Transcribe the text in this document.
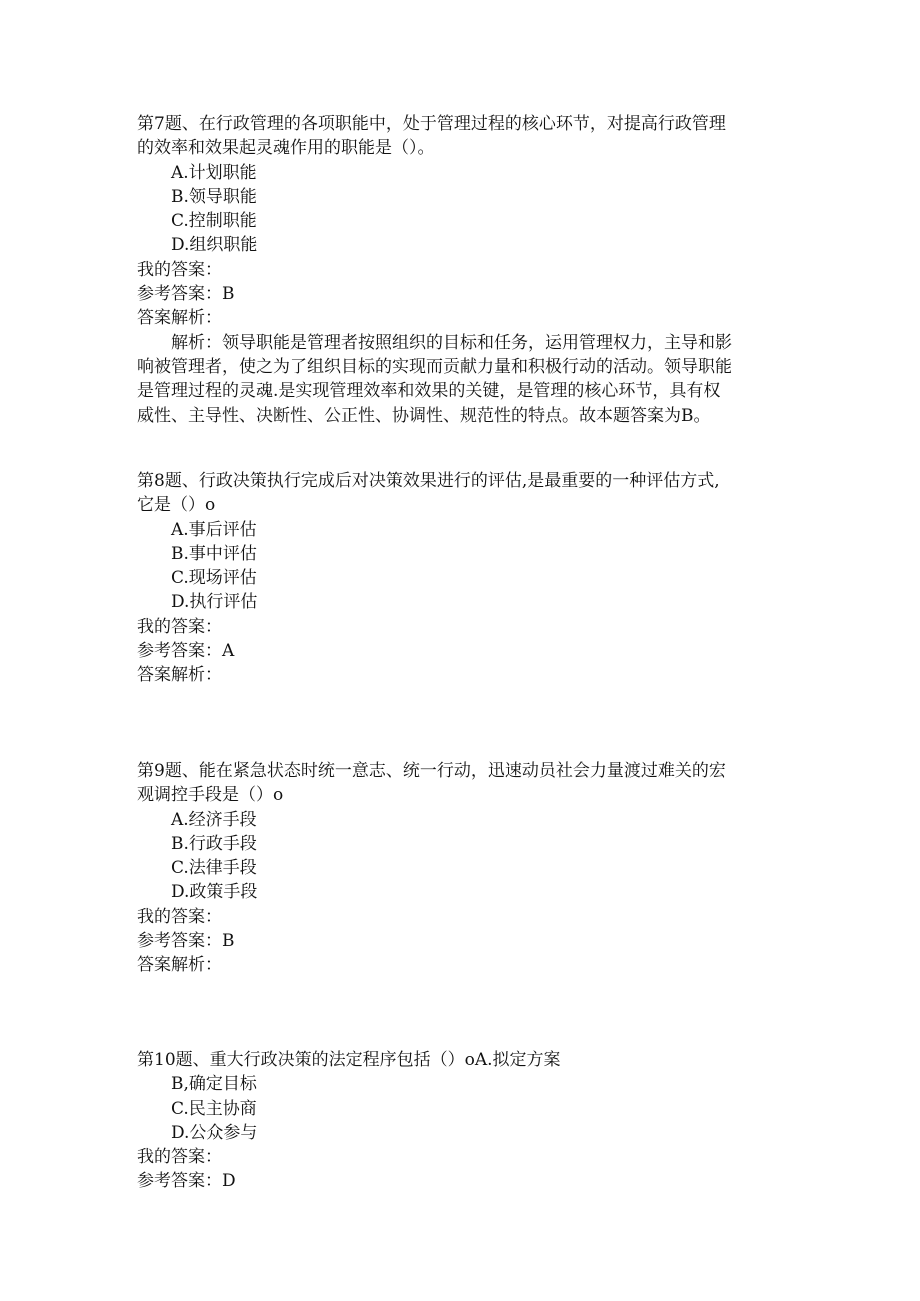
第7题、在行政管理的各项职能中，处于管理过程的核心环节，对提高行政管理
的效率和效果起灵魂作用的职能是（）。
A.计划职能
B.领导职能
C.控制职能
D.组织职能
我的答案：
参考答案：B
答案解析：
解析：领导职能是管理者按照组织的目标和任务，运用管理权力，主导和影
响被管理者，使之为了组织目标的实现而贡献力量和积极行动的活动。领导职能
是管理过程的灵魂.是实现管理效率和效果的关键，是管理的核心环节，具有权
威性、主导性、决断性、公正性、协调性、规范性的特点。故本题答案为B。
第8题、行政决策执行完成后对决策效果进行的评估,是最重要的一种评估方式,
它是（）o
A.事后评估
B.事中评估
C.现场评估
D.执行评估
我的答案：
参考答案：A
答案解析：
第9题、能在紧急状态时统一意志、统一行动，迅速动员社会力量渡过难关的宏
观调控手段是（）o
A.经济手段
B.行政手段
C.法律手段
D.政策手段
我的答案：
参考答案：B
答案解析：
第10题、重大行政决策的法定程序包括（）oA.拟定方案
B,确定目标
C.民主协商
D.公众参与
我的答案：
参考答案：D
